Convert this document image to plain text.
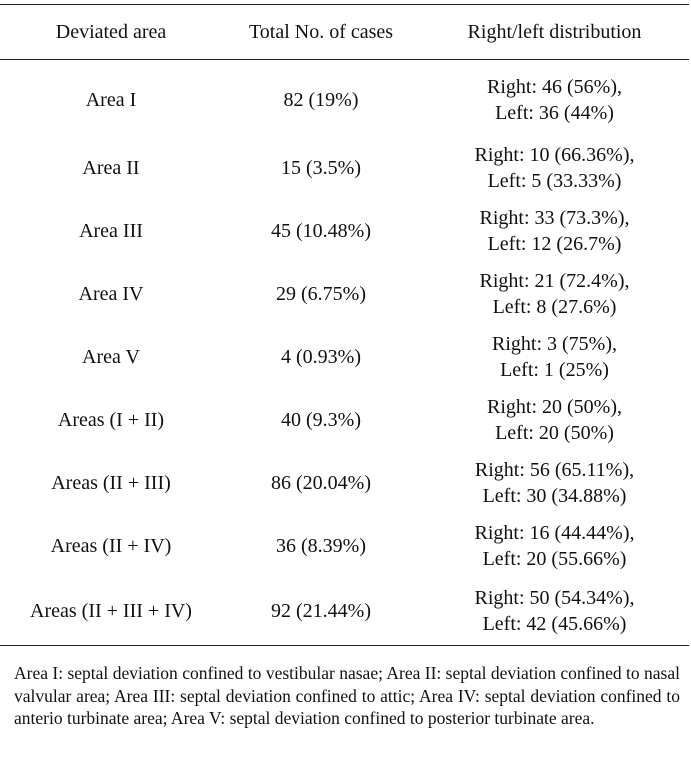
Deviated area	Total No. of cases	Right/left distribution
Area I	82 (19%)	Right: 46 (56%),
Left: 36 (44%)

Area II	15 (3.5%)	Right: 10 (66.36%),
Left: 5 (33.33%)

Area III	45 (10.48%)	Right: 33 (73.3%),
Left: 12 (26.7%)

Area IV	29 (6.75%)	Right: 21 (72.4%),
Left: 8 (27.6%)

Area V	4 (0.93%)	Right: 3 (75%),
Left: 1 (25%)

Areas (I + II)	40 (9.3%)	Right: 20 (50%),
Left: 20 (50%)

Areas (II + III)	86 (20.04%)	Right: 56 (65.11%),
Left: 30 (34.88%)

Areas (II + IV)	36 (8.39%)	Right: 16 (44.44%),
Left: 20 (55.66%)

Areas (II + III + IV)	92 (21.44%)	Right: 50 (54.34%),
Left: 42 (45.66%)
Area I: septal deviation confined to vestibular nasae; Area II: septal deviation confined to nasal valvular area; Area III: septal deviation confined to attic; Area IV: septal deviation confined to anterio turbinate area; Area V: septal deviation confined to posterior turbinate area.
